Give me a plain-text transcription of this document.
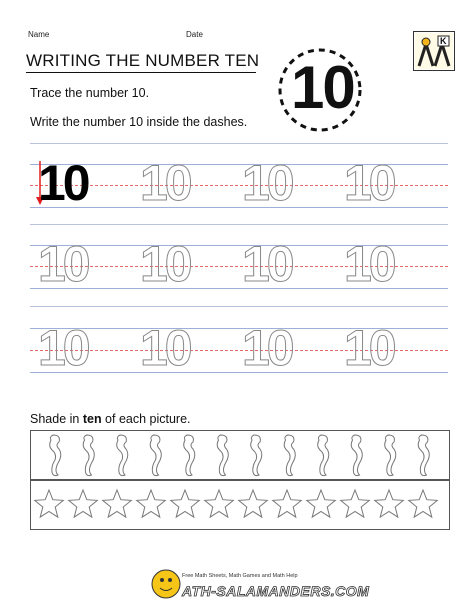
Name	Date
K
WRITING THE NUMBER TEN 10
Trace the number 10.
Write the number 10 inside the dashes.
10 10 10 10
10 10 10 10
10 10 10 10
Shade in ten of each picture.
Free Math Sheets, Math Games and Math Help
ATH-SALAMANDERS.COM
